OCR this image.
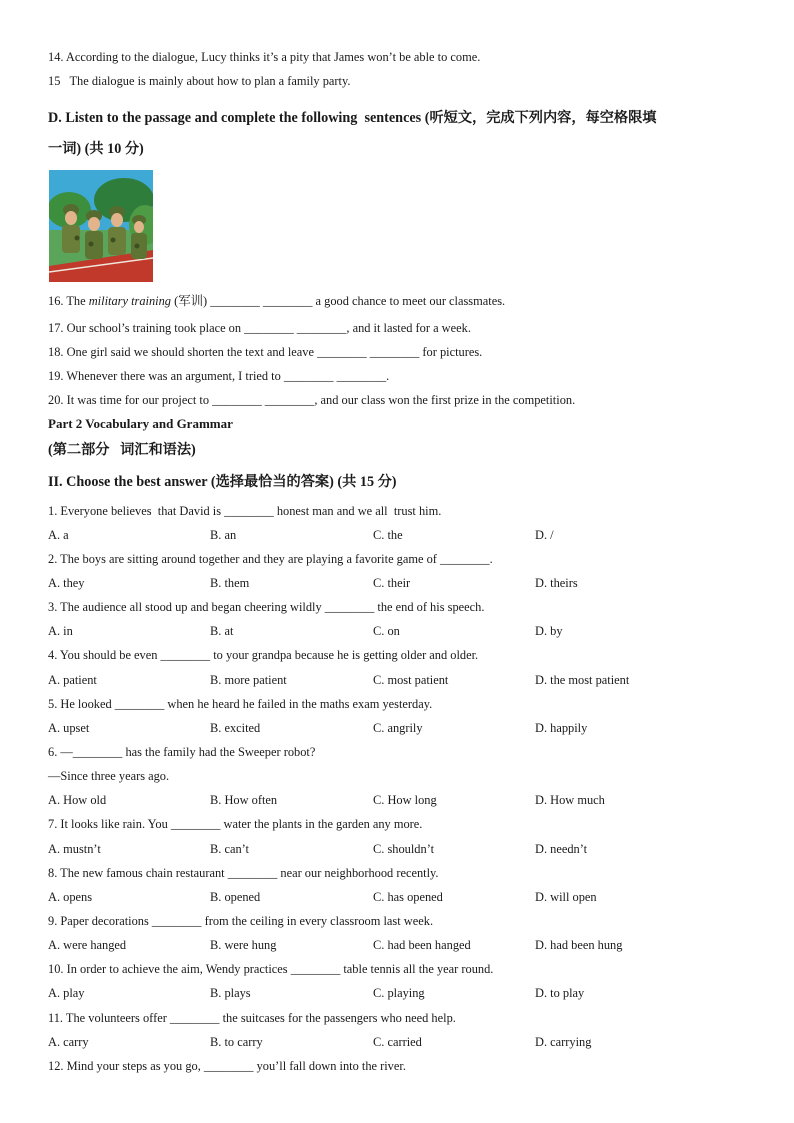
14. According to the dialogue, Lucy thinks it’s a pity that James won’t be able to come.
15   The dialogue is mainly about how to plan a family party.
D. Listen to the passage and complete the following  sentences (听短文，完成下列内容，每空格限填
一词) (共 10 分)
16. The military training (军训) ________ ________ a good chance to meet our classmates.
17. Our school’s training took place on ________ ________, and it lasted for a week.
18. One girl said we should shorten the text and leave ________ ________ for pictures.
19. Whenever there was an argument, I tried to ________ ________.
20. It was time for our project to ________ ________, and our class won the first prize in the competition.
Part 2 Vocabulary and Grammar
(第二部分   词汇和语法)
II. Choose the best answer (选择最恰当的答案) (共 15 分)
1. Everyone believes  that David is ________ honest man and we all  trust him.
A. a	B. an	C. the	D. /
2. The boys are sitting around together and they are playing a favorite game of ________.
A. they	B. them	C. their	D. theirs
3. The audience all stood up and began cheering wildly ________ the end of his speech.
A. in	B. at	C. on	D. by
4. You should be even ________ to your grandpa because he is getting older and older.
A. patient	B. more patient	C. most patient	D. the most patient
5. He looked ________ when he heard he failed in the maths exam yesterday.
A. upset	B. excited	C. angrily	D. happily
6. —________ has the family had the Sweeper robot?
—Since three years ago.
A. How old	B. How often	C. How long	D. How much
7. It looks like rain. You ________ water the plants in the garden any more.
A. mustn’t	B. can’t	C. shouldn’t	D. needn’t
8. The new famous chain restaurant ________ near our neighborhood recently.
A. opens	B. opened	C. has opened	D. will open
9. Paper decorations ________ from the ceiling in every classroom last week.
A. were hanged	B. were hung	C. had been hanged	D. had been hung
10. In order to achieve the aim, Wendy practices ________ table tennis all the year round.
A. play	B. plays	C. playing	D. to play
11. The volunteers offer ________ the suitcases for the passengers who need help.
A. carry	B. to carry	C. carried	D. carrying
12. Mind your steps as you go, ________ you’ll fall down into the river.
